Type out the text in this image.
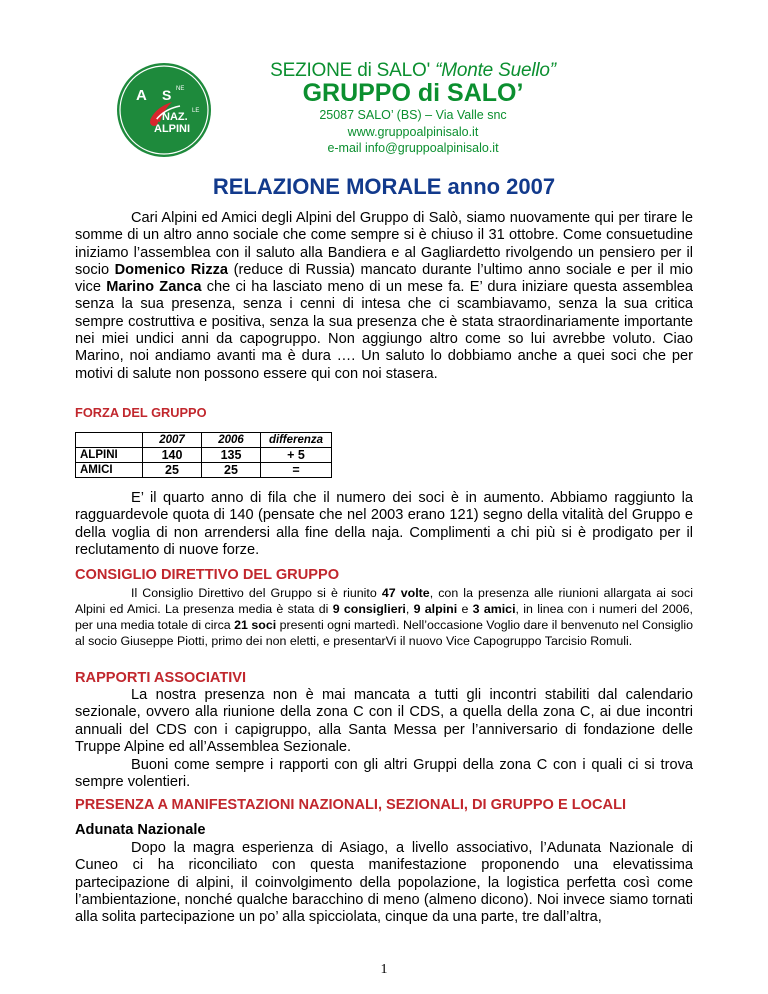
A S NE
NAZ. LE
ALPINI
SEZIONE di SALO' “Monte Suello”
GRUPPO di SALO’
25087 SALO’ (BS) – Via Valle snc
www.gruppoalpinisalo.it
e-mail info@gruppoalpinisalo.it
RELAZIONE MORALE anno 2007
Cari Alpini ed Amici degli Alpini del Gruppo di Salò, siamo nuovamente qui per tirare le somme di un altro anno sociale che come sempre si è chiuso il 31 ottobre. Come consuetudine iniziamo l’assemblea con il saluto alla Bandiera e al Gagliardetto rivolgendo un pensiero per il socio Domenico Rizza (reduce di Russia) mancato durante l’ultimo anno sociale e per il mio vice Marino Zanca che ci ha lasciato meno di un mese fa. E’ dura iniziare questa assemblea senza la sua presenza, senza i cenni di intesa che ci scambiavamo, senza la sua critica sempre costruttiva e positiva, senza la sua presenza che è stata straordinariamente importante nei miei undici anni da capogruppo. Non aggiungo altro come so lui avrebbe voluto. Ciao Marino, noi andiamo avanti ma è dura …. Un saluto lo dobbiamo anche a quei soci che per motivi di salute non possono essere qui con noi stasera.
FORZA DEL GRUPPO
	2007	2006	differenza
ALPINI	140	135	+ 5
AMICI	25	25	=
E’ il quarto anno di fila che il numero dei soci è in aumento. Abbiamo raggiunto la ragguardevole quota di 140 (pensate che nel 2003 erano 121) segno della vitalità del Gruppo e della voglia di non arrendersi alla fine della naja. Complimenti a chi più si è prodigato per il reclutamento di nuove forze.
CONSIGLIO DIRETTIVO DEL GRUPPO
Il Consiglio Direttivo del Gruppo si è riunito 47 volte, con la presenza alle riunioni allargata ai soci Alpini ed Amici. La presenza media è stata di 9 consiglieri, 9 alpini e 3 amici, in linea con i numeri del 2006, per una media totale di circa 21 soci presenti ogni martedì. Nell’occasione Voglio dare il benvenuto nel Consiglio al socio Giuseppe Piotti, primo dei non eletti, e presentarVi il nuovo Vice Capogruppo Tarcisio Romuli.
RAPPORTI ASSOCIATIVI
La nostra presenza non è mai mancata a tutti gli incontri stabiliti dal calendario sezionale, ovvero alla riunione della zona C con il CDS, a quella della zona C, ai due incontri annuali del CDS con i capigruppo, alla Santa Messa per l’anniversario di fondazione delle Truppe Alpine ed all’Assemblea Sezionale.
Buoni come sempre i rapporti con gli altri Gruppi della zona C con i quali ci si trova sempre volentieri.
PRESENZA A MANIFESTAZIONI NAZIONALI, SEZIONALI, DI GRUPPO E LOCALI
Adunata Nazionale
Dopo la magra esperienza di Asiago, a livello associativo, l’Adunata Nazionale di Cuneo ci ha riconciliato con questa manifestazione proponendo una elevatissima partecipazione di alpini, il coinvolgimento della popolazione, la logistica perfetta così come l’ambientazione, nonché qualche baracchino di meno (almeno dicono). Noi invece siamo tornati alla solita partecipazione un po’ alla spicciolata, cinque da una parte, tre dall’altra,
1
